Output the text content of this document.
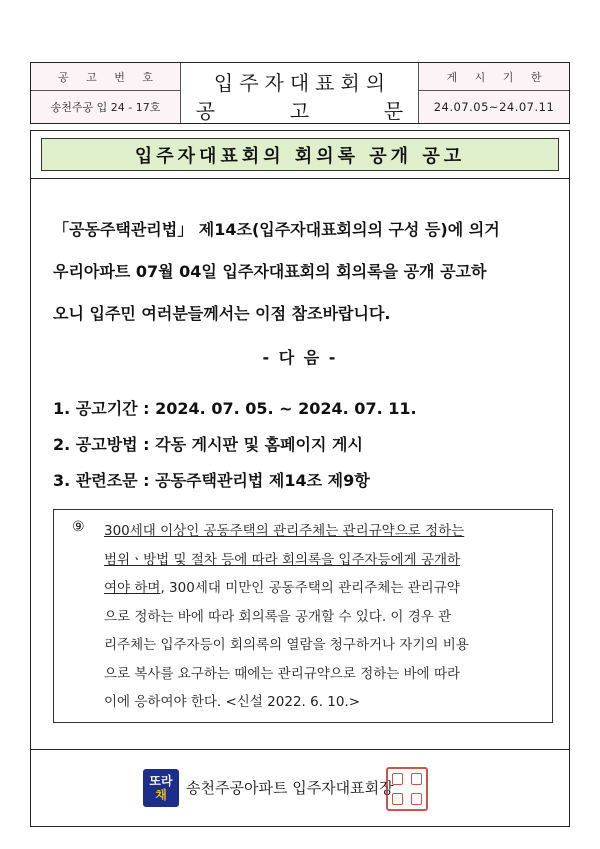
공 고 번 호
송천주공 입 24 - 17호
입주자대표회의
공	고	문
게 시 기 한
24.07.05~24.07.11
입주자대표회의 회의록 공개 공고
「공동주택관리법」 제14조(입주자대표회의의 구성 등)에 의거
우리아파트 07월 04일 입주자대표회의 회의록을 공개 공고하
오니 입주민 여러분들께서는 이점 참조바랍니다.
- 다 음 -
1. 공고기간 : 2024. 07. 05. ~ 2024. 07. 11.
2. 공고방법 : 각동 게시판 및 홈페이지 게시
3. 관련조문 : 공동주택관리법 제14조 제9항
⑨ 300세대 이상인 공동주택의 관리주체는 관리규약으로 정하는
범위ㆍ방법 및 절차 등에 따라 회의록을 입주자등에게 공개하
여야 하며, 300세대 미만인 공동주택의 관리주체는 관리규약
으로 정하는 바에 따라 회의록을 공개할 수 있다. 이 경우 관
리주체는 입주자등이 회의록의 열람을 청구하거나 자기의 비용
으로 복사를 요구하는 때에는 관리규약으로 정하는 바에 따라
이에 응하여야 한다. <신설 2022. 6. 10.>
또라
채 송천주공아파트 입주자대표회장
